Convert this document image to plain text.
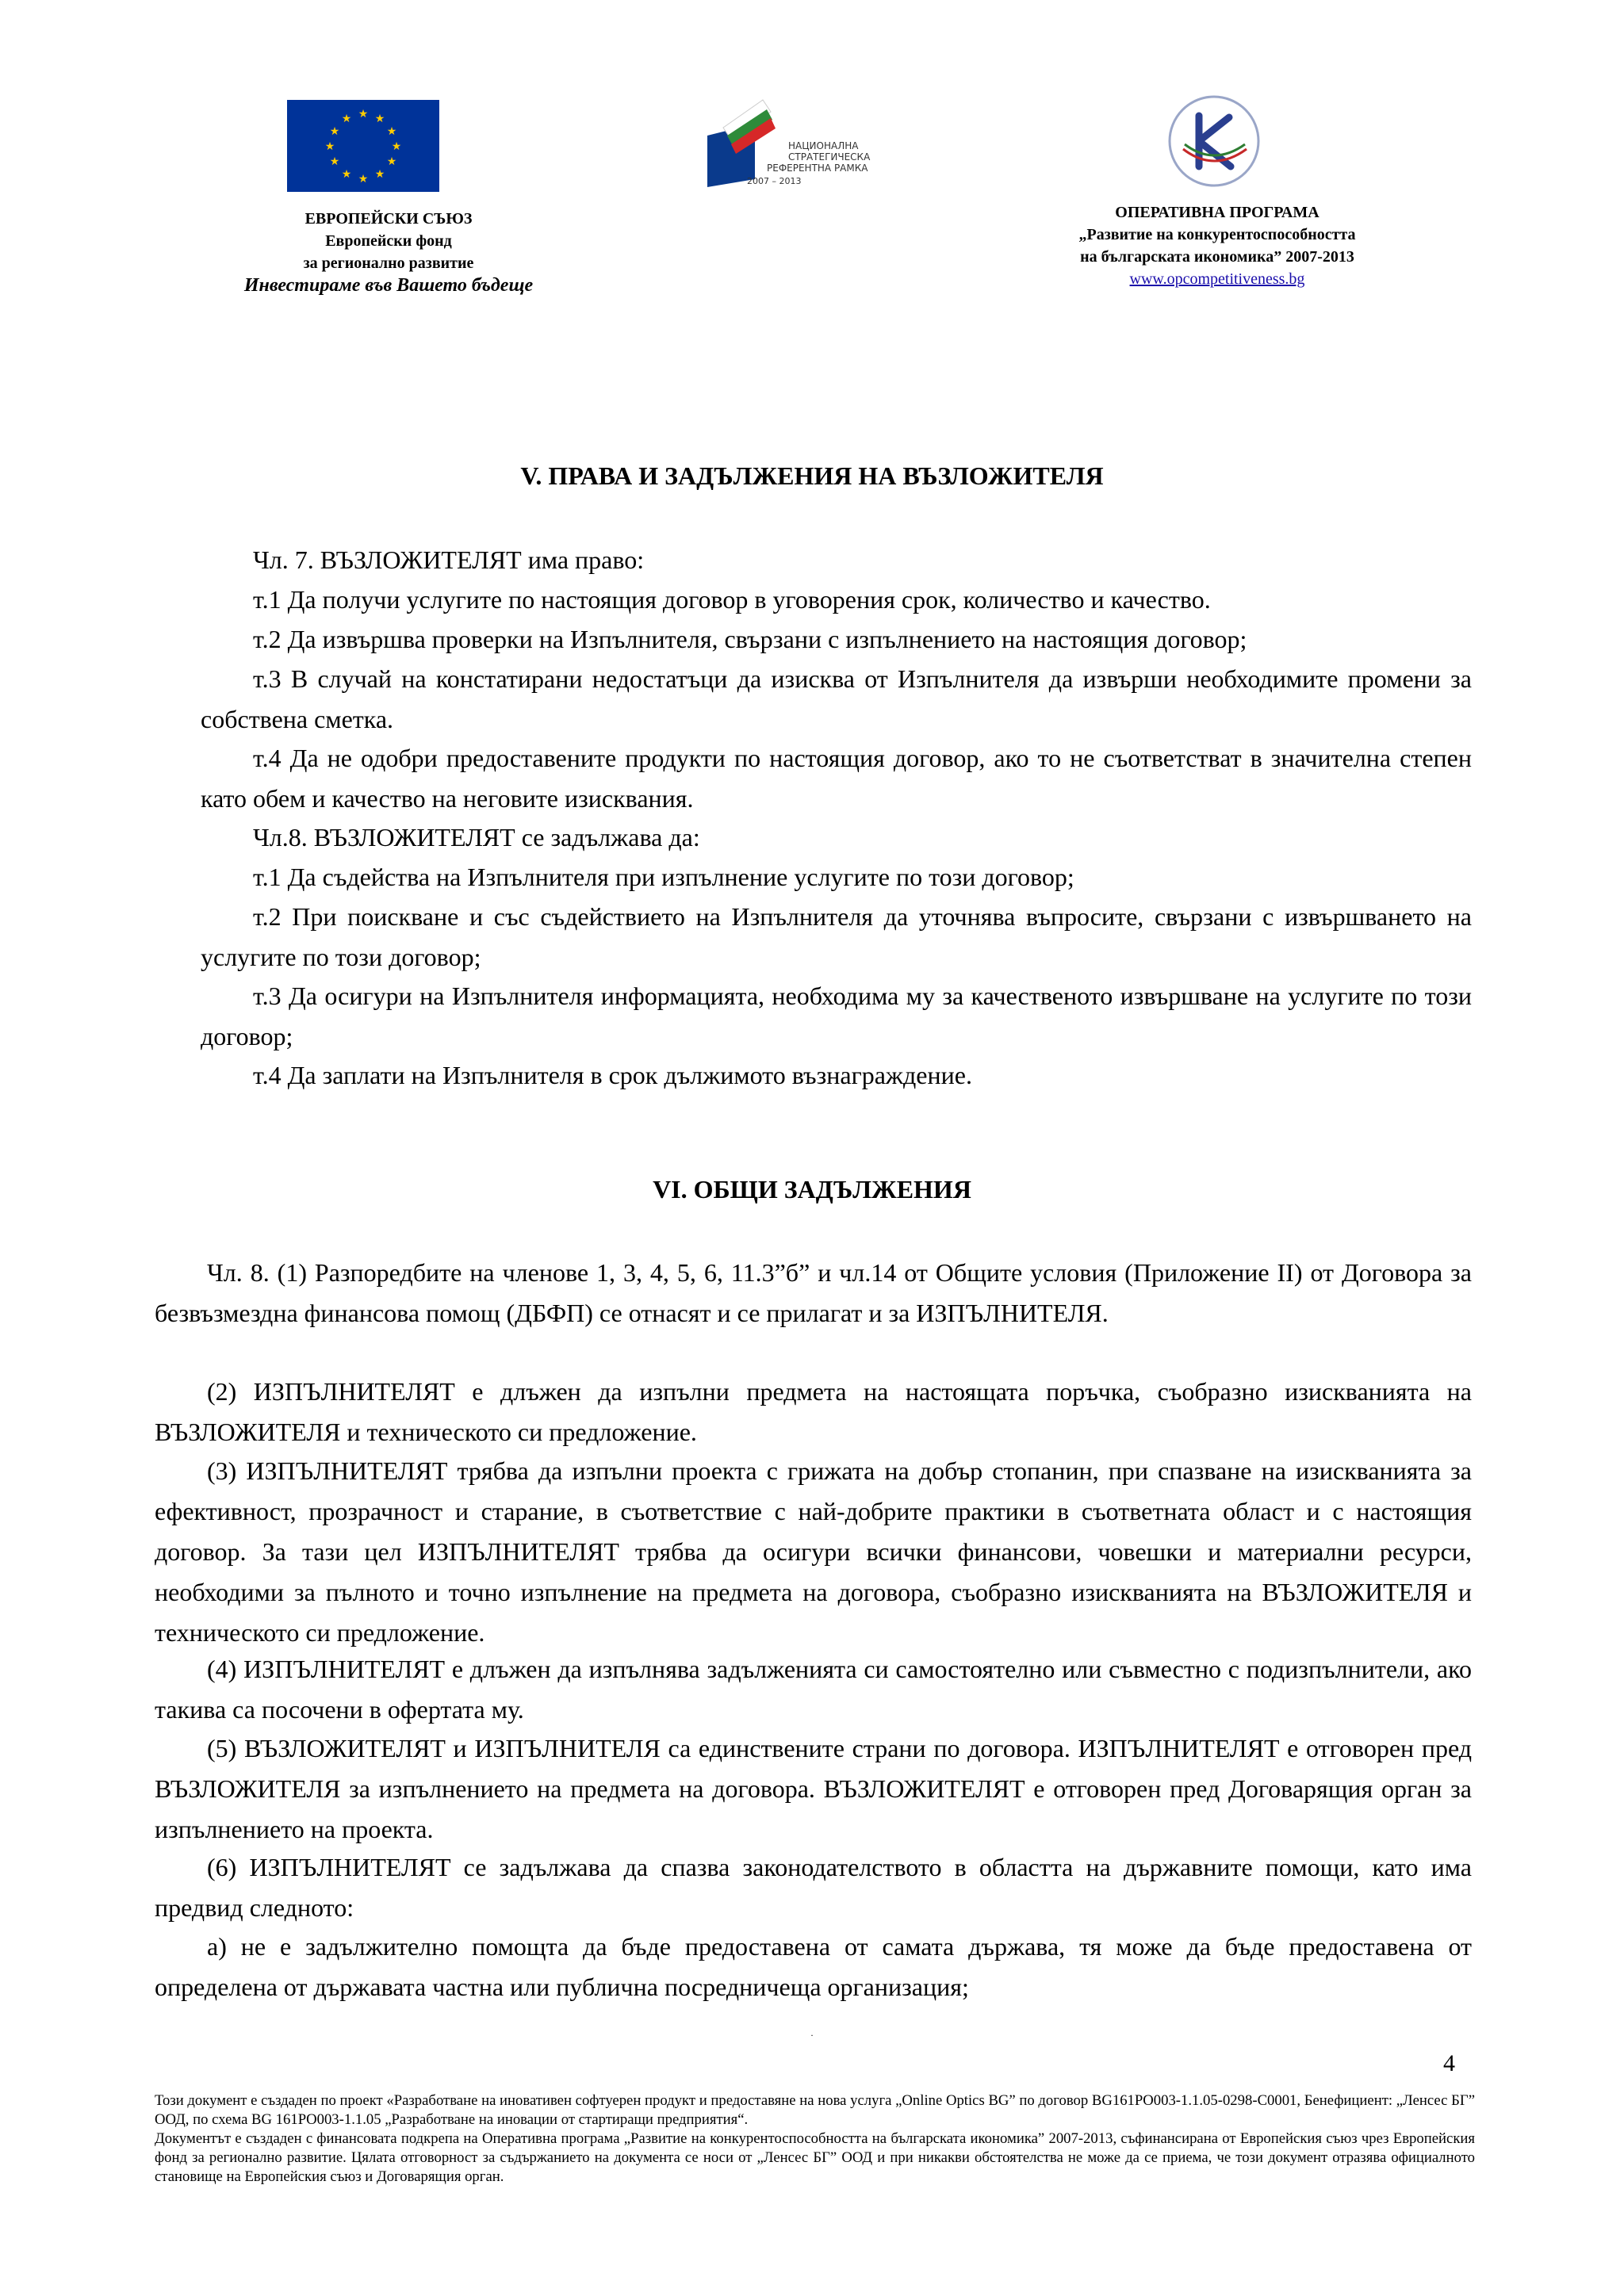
★ ★
★
★
★
★
★
★
★
★
★
★
НАЦИОНАЛНА
СТРАТЕГИЧЕСКА
РЕФЕРЕНТНА РАМКА
2007 – 2013
ЕВРОПЕЙСКИ СЪЮЗ
Европейски фонд
за регионално развитие
Инвестираме във Вашето бъдеще
ОПЕРАТИВНА ПРОГРАМА
„Развитие на конкурентоспособността
на българската икономика” 2007-2013
www.opcompetitiveness.bg
V. ПРАВА И ЗАДЪЛЖЕНИЯ НА ВЪЗЛОЖИТЕЛЯ
Чл. 7. ВЪЗЛОЖИТЕЛЯТ има право:
т.1 Да получи услугите по настоящия договор в уговорения срок, количество и качество.
т.2 Да извършва проверки на Изпълнителя, свързани с изпълнението на настоящия договор;
т.3 В случай на констатирани недостатъци да изисква от Изпълнителя да извърши необходимите промени за собствена сметка.
т.4 Да не одобри предоставените продукти по настоящия договор, ако то не съответстват в значителна степен като обем и качество на неговите изисквания.
Чл.8. ВЪЗЛОЖИТЕЛЯТ се задължава да:
т.1 Да съдейства на Изпълнителя при изпълнение услугите по този договор;
т.2 При поискване и със съдействието на Изпълнителя да уточнява въпросите, свързани с извършването на услугите по този договор;
т.3 Да осигури на Изпълнителя информацията, необходима му за качественото извършване на услугите по този договор;
т.4 Да заплати на Изпълнителя в срок дължимото възнаграждение.
VI. ОБЩИ ЗАДЪЛЖЕНИЯ
Чл. 8. (1) Разпоредбите на членове 1, 3, 4, 5, 6, 11.3”б” и чл.14 от Общите условия (Приложение II) от Договора за безвъзмездна финансова помощ (ДБФП) се отнасят и се прилагат и за ИЗПЪЛНИТЕЛЯ.
(2) ИЗПЪЛНИТЕЛЯТ е длъжен да изпълни предмета на настоящата поръчка, съобразно изискванията на ВЪЗЛОЖИТЕЛЯ и техническото си предложение.
(3) ИЗПЪЛНИТЕЛЯТ трябва да изпълни проекта с грижата на добър стопанин, при спазване на изискванията за ефективност, прозрачност и старание, в съответствие с най-добрите практики в съответната област и с настоящия договор. За тази цел ИЗПЪЛНИТЕЛЯТ трябва да осигури всички финансови, човешки и материални ресурси, необходими за пълното и точно изпълнение на предмета на договора, съобразно изискванията на ВЪЗЛОЖИТЕЛЯ и техническото си предложение.
(4) ИЗПЪЛНИТЕЛЯТ е длъжен да изпълнява задълженията си самостоятелно или съвместно с подизпълнители, ако такива са посочени в офертата му.
(5) ВЪЗЛОЖИТЕЛЯТ и ИЗПЪЛНИТЕЛЯ са единствените страни по договора. ИЗПЪЛНИТЕЛЯТ е отговорен пред ВЪЗЛОЖИТЕЛЯ за изпълнението на предмета на договора. ВЪЗЛОЖИТЕЛЯТ е отговорен пред Договарящия орган за изпълнението на проекта.
(6) ИЗПЪЛНИТЕЛЯТ се задължава да спазва законодателството в областта на държавните помощи, като има предвид следното:
а) не е задължително помощта да бъде предоставена от самата държава, тя може да бъде предоставена от определена от държавата частна или публична посредничеща организация;
·
4
Този документ е създаден по проект «Разработване на иновативен софтуерен продукт и предоставяне на нова услуга „Online Optics BG” по договор BG161PO003-1.1.05-0298-C0001, Бенефициент: „Ленсес БГ” ООД, по схема BG 161PO003-1.1.05 „Разработване на иновации от стартиращи предприятия“.
Документът е създаден с финансовата подкрепа на Оперативна програма „Развитие на конкурентоспособността на българската икономика” 2007-2013, съфинансирана от Европейския съюз чрез Европейския фонд за регионално развитие. Цялата отговорност за съдържанието на документа се носи от „Ленсес БГ” ООД и при никакви обстоятелства не може да се приема, че този документ отразява официалното становище на Европейския съюз и Договарящия орган.
